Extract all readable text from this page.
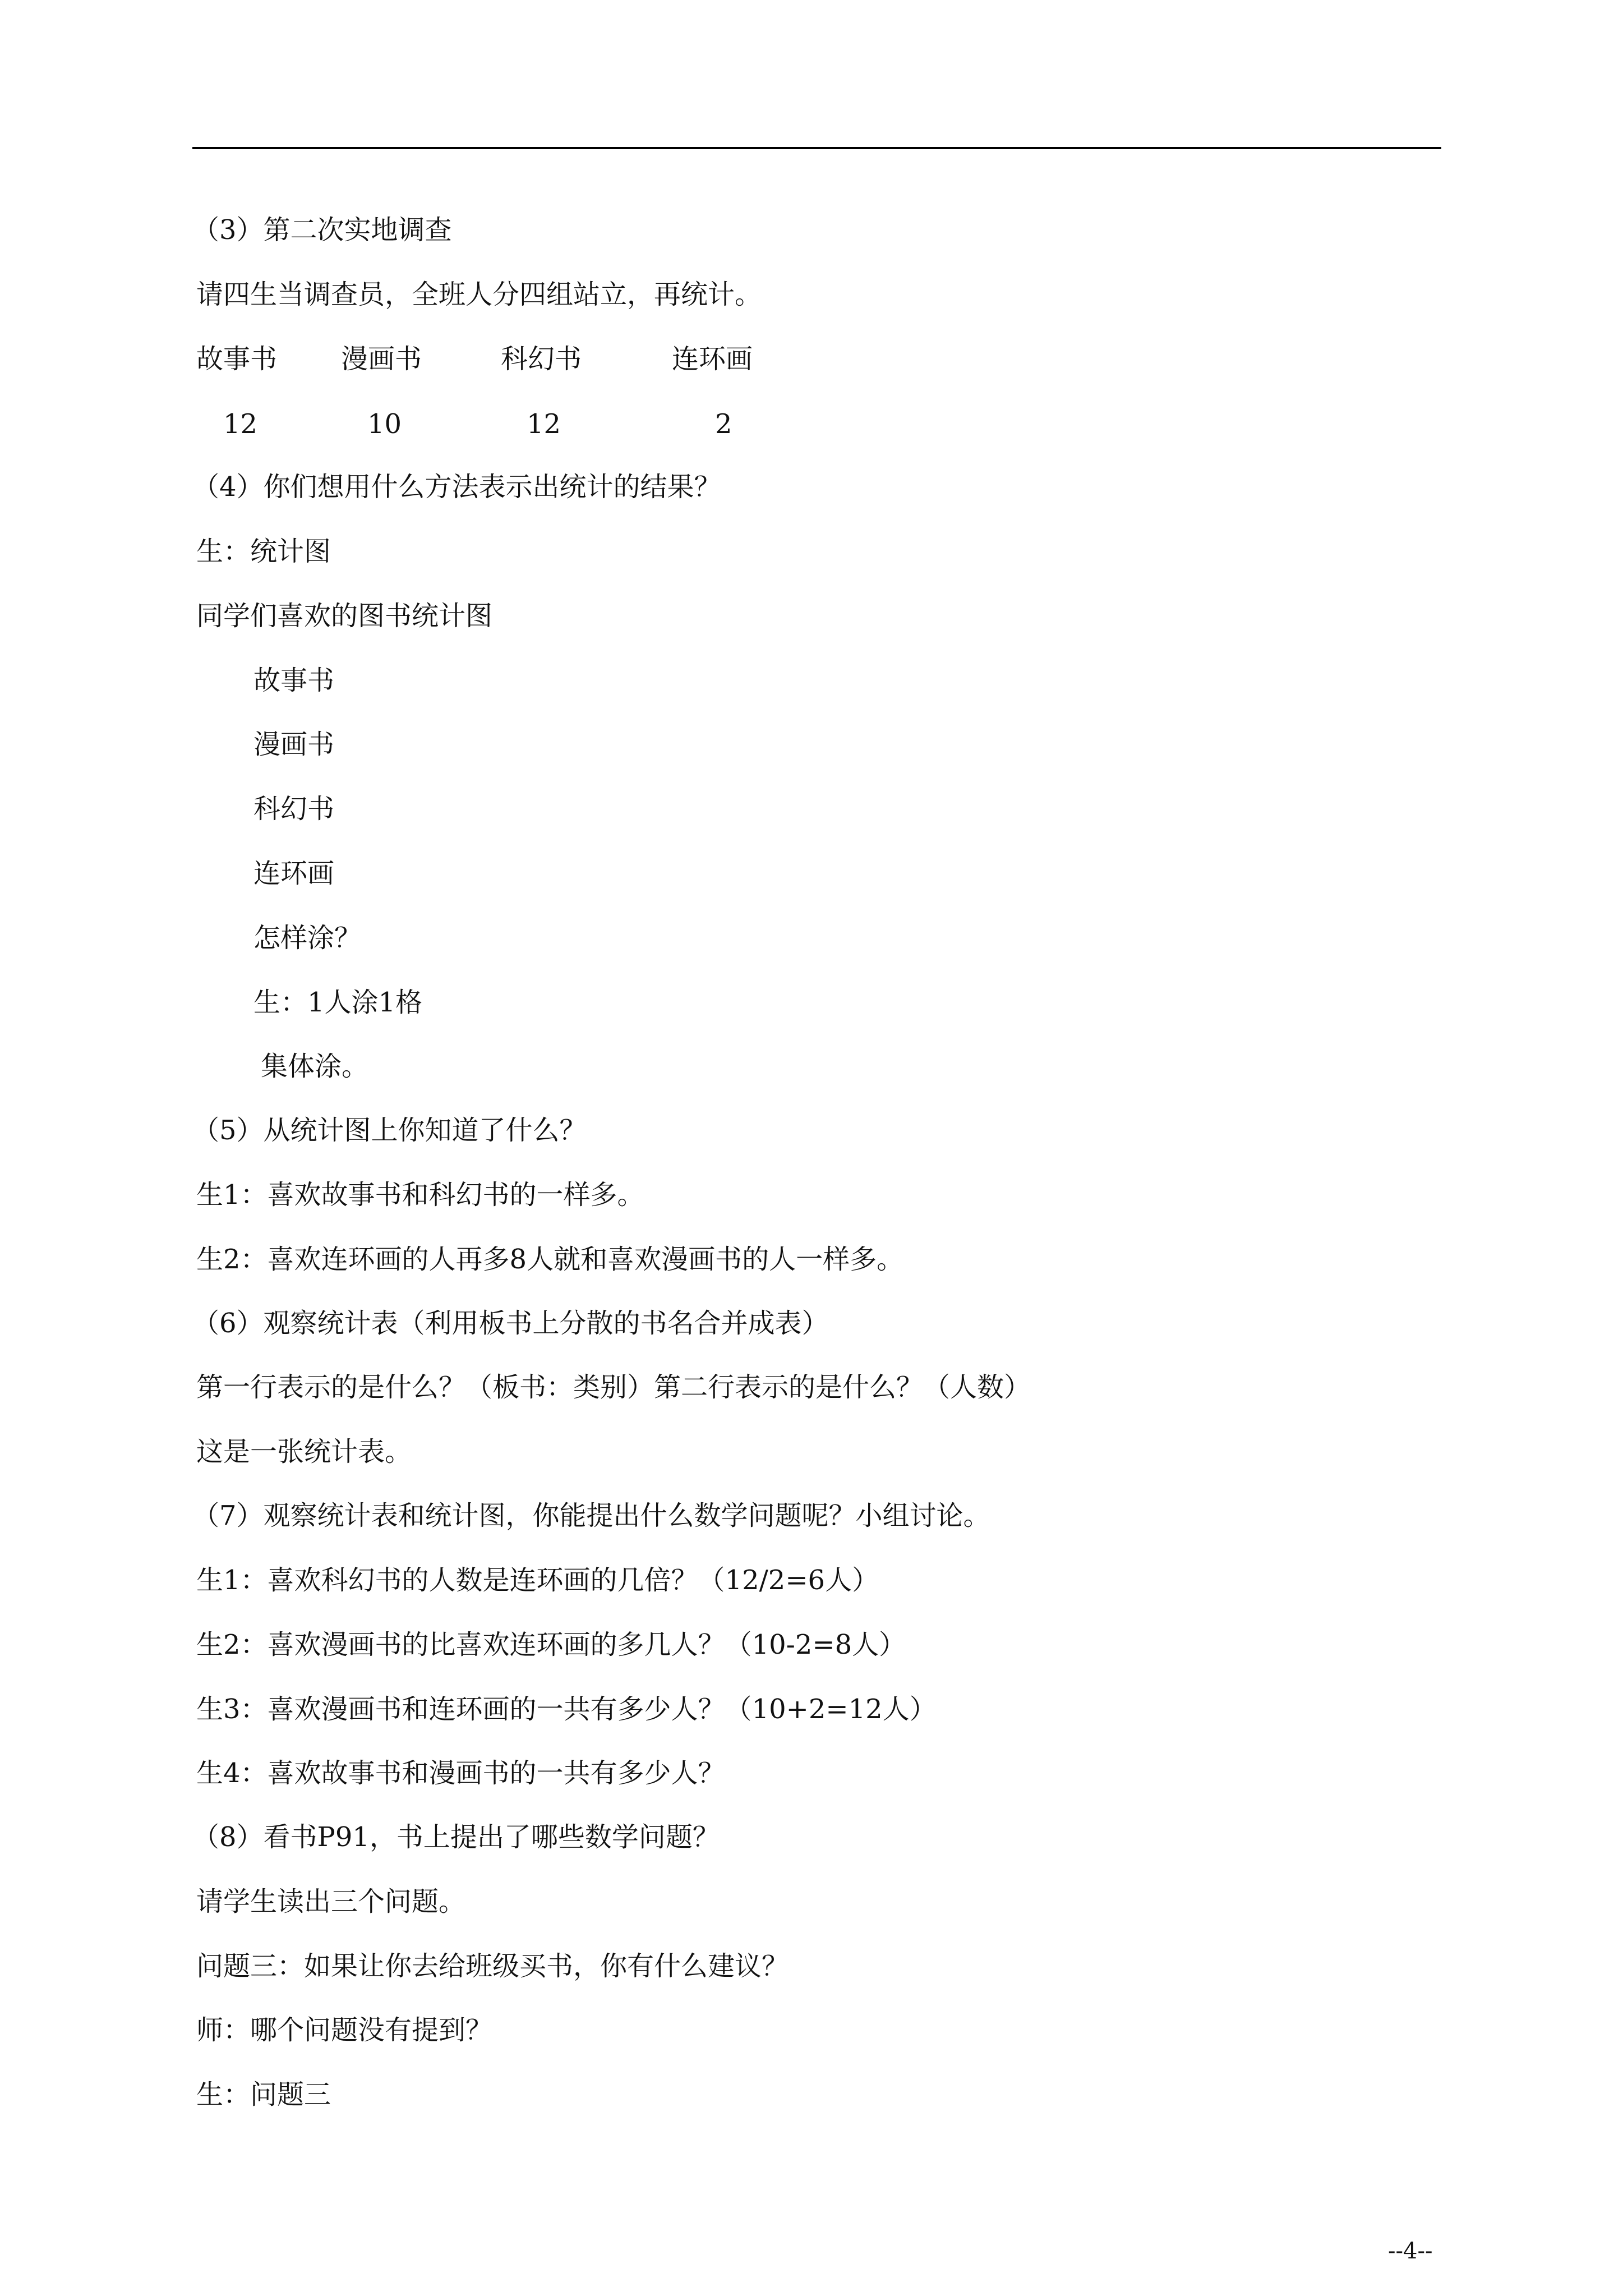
（3）第二次实地调查
请四生当调查员，全班人分四组站立，再统计。
故事书 漫画书	科幻书	连环画
12	10	12	2
（4）你们想用什么方法表示出统计的结果？
生：统计图
同学们喜欢的图书统计图
故事书
漫画书
科幻书
连环画
怎样涂？
生：1人涂1格
集体涂。
（5）从统计图上你知道了什么？
生1：喜欢故事书和科幻书的一样多。
生2：喜欢连环画的人再多8人就和喜欢漫画书的人一样多。
（6）观察统计表（利用板书上分散的书名合并成表）
第一行表示的是什么？（板书：类别）第二行表示的是什么？（人数）
这是一张统计表。
（7）观察统计表和统计图，你能提出什么数学问题呢？小组讨论。
生1：喜欢科幻书的人数是连环画的几倍？（12/2=6人）
生2：喜欢漫画书的比喜欢连环画的多几人？（10-2=8人）
生3：喜欢漫画书和连环画的一共有多少人？（10+2=12人）
生4：喜欢故事书和漫画书的一共有多少人？
（8）看书P91，书上提出了哪些数学问题？
请学生读出三个问题。
问题三：如果让你去给班级买书，你有什么建议？
师：哪个问题没有提到？
生：问题三
--4--
